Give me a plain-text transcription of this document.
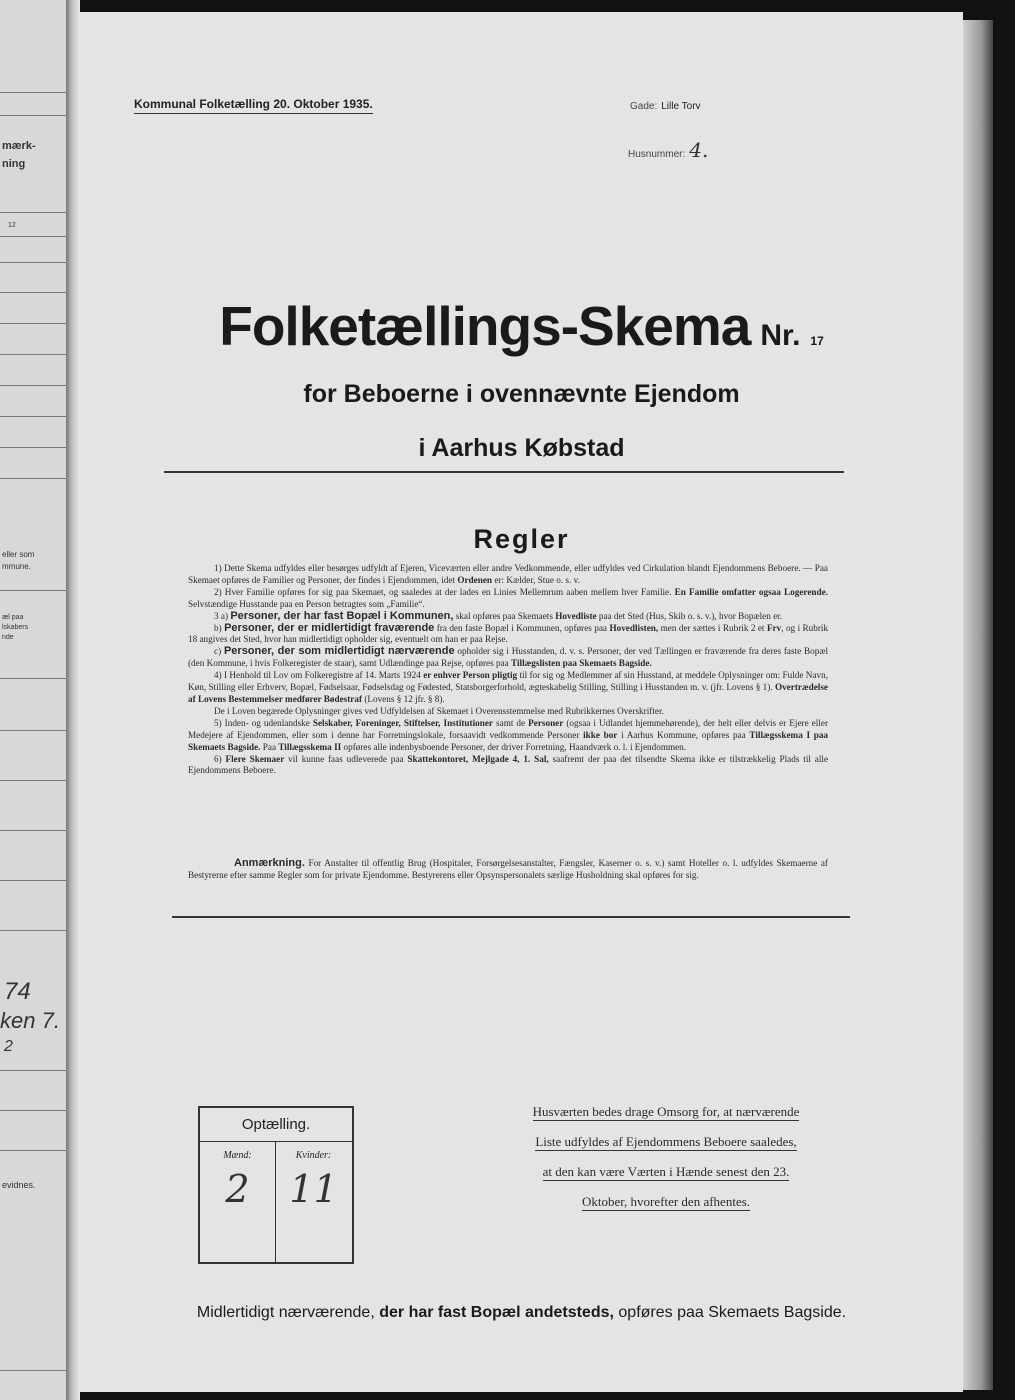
mærk-
ning
12
eller som
mmune.
æl paa
lskabers
nde
74
ken 7.
2
evidnes.
Kommunal Folketælling 20. Oktober 1935.	Gade: Lille Torv
Husnummer: 4.
Folketællings-Skema Nr. 17
for Beboerne i ovennævnte Ejendom
i Aarhus Købstad
Regler

1) Dette Skema udfyldes eller besørges udfyldt af Ejeren, Viceværten eller andre Vedkommende, eller udfyldes ved Cirkulation blandt Ejendommens Beboere. — Paa Skemaet opføres de Familier og Personer, der findes i Ejendommen, idet Ordenen er: Kælder, Stue o. s. v.

2) Hver Familie opføres for sig paa Skemaet, og saaledes at der lades en Linies Mellemrum aaben mellem hver Familie. En Familie omfatter ogsaa Logerende. Selvstændige Husstande paa en Person betragtes som „Familie“.

3 a) Personer, der har fast Bopæl i Kommunen, skal opføres paa Skemaets Hovedliste paa det Sted (Hus, Skib o. s. v.), hvor Bopælen er.

b) Personer, der er midlertidigt fraværende fra den faste Bopæl i Kommunen, opføres paa Hovedlisten, men der sættes i Rubrik 2 et Frv, og i Rubrik 18 angives det Sted, hvor han midlertidigt opholder sig, eventuelt om han er paa Rejse.

c) Personer, der som midlertidigt nærværende opholder sig i Husstanden, d. v. s. Personer, der ved Tællingen er fraværende fra deres faste Bopæl (den Kommune, i hvis Folkeregister de staar), samt Udlændinge paa Rejse, opføres paa Tillægslisten paa Skemaets Bagside.

4) I Henhold til Lov om Folkeregistre af 14. Marts 1924 er enhver Person pligtig til for sig og Medlemmer af sin Husstand, at meddele Oplysninger om: Fulde Navn, Køn, Stilling eller Erhverv, Bopæl, Fødselsaar, Fødselsdag og Fødested, Statsborgerforhold, ægteskabelig Stilling, Stilling i Husstanden m. v. (jfr. Lovens § 1). Overtrædelse af Lovens Bestemmelser medfører Bødestraf (Lovens § 12 jfr. § 8).

De i Loven begærede Oplysninger gives ved Udfyldelsen af Skemaet i Overensstemmelse med Rubrikkernes Overskrifter.

5) Inden- og udenlandske Selskaber, Foreninger, Stiftelser, Institutioner samt de Personer (ogsaa i Udlandet hjemmehørende), der helt eller delvis er Ejere eller Medejere af Ejendommen, eller som i denne har Forretningslokale, forsaavidt vedkommende Personer ikke bor i Aarhus Kommune, opføres paa Tillægsskema I paa Skemaets Bagside. Paa Tillægsskema II opføres alle indenbysboende Personer, der driver Forretning, Haandværk o. l. i Ejendommen.

6) Flere Skemaer vil kunne faas udleverede paa Skattekontoret, Mejlgade 4, 1. Sal, saafremt der paa det tilsendte Skema ikke er tilstrækkelig Plads til alle Ejendommens Beboere.

Anmærkning. For Anstalter til offentlig Brug (Hospitaler, Forsørgelsesanstalter, Fængsler, Kaserner o. s. v.) samt Hoteller o. l. udfyldes Skemaerne af Bestyrerne efter samme Regler som for private Ejendomme. Bestyrerens eller Opsynspersonalets særlige Husholdning skal opføres for sig.
Optælling.
Mænd:
2
Kvinder:
11
Husværten bedes drage Omsorg for, at nærværende
Liste udfyldes af Ejendommens Beboere saaledes,
at den kan være Værten i Hænde senest den 23.
Oktober, hvorefter den afhentes.
Midlertidigt nærværende, der har fast Bopæl andetsteds, opføres paa Skemaets Bagside.
